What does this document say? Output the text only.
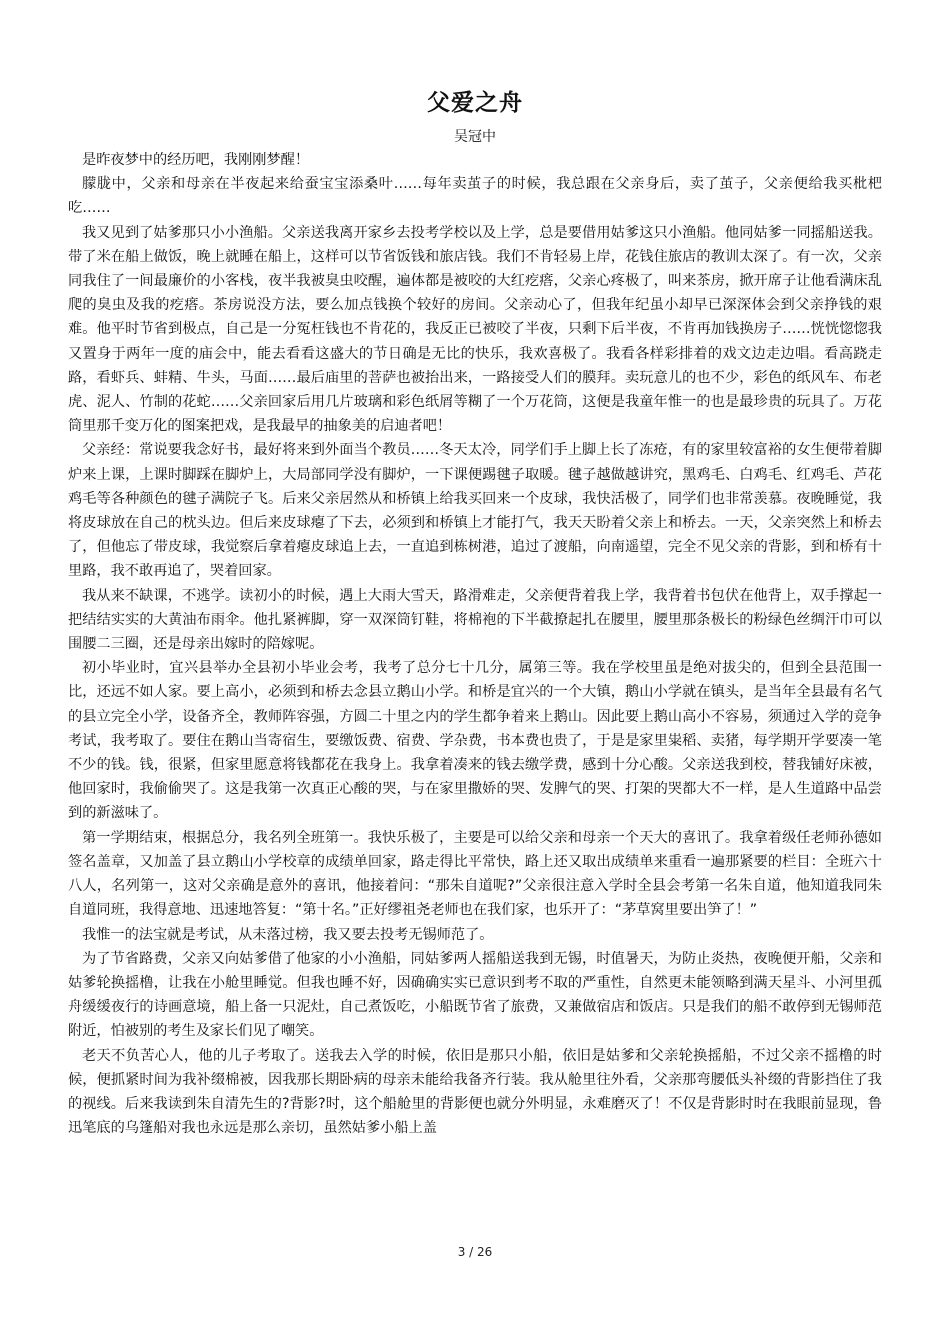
父爱之舟
吴冠中

是昨夜梦中的经历吧，我刚刚梦醒！

朦胧中，父亲和母亲在半夜起来给蚕宝宝添桑叶……每年卖茧子的时候，我总跟在父亲身后，卖了茧子，父亲便给我买枇杷吃……

我又见到了姑爹那只小小渔船。父亲送我离开家乡去投考学校以及上学，总是要借用姑爹这只小渔船。他同姑爹一同摇船送我。带了米在船上做饭，晚上就睡在船上，这样可以节省饭钱和旅店钱。我们不肯轻易上岸，花钱住旅店的教训太深了。有一次，父亲同我住了一间最廉价的小客栈，夜半我被臭虫咬醒，遍体都是被咬的大红疙瘩，父亲心疼极了，叫来茶房，掀开席子让他看满床乱爬的臭虫及我的疙瘩。茶房说没方法，要么加点钱换个较好的房间。父亲动心了，但我年纪虽小却早已深深体会到父亲挣钱的艰难。他平时节省到极点，自己是一分冤枉钱也不肯花的，我反正已被咬了半夜，只剩下后半夜，不肯再加钱换房子……恍恍惚惚我又置身于两年一度的庙会中，能去看看这盛大的节日确是无比的快乐，我欢喜极了。我看各样彩排着的戏文边走边唱。看高跷走路，看虾兵、蚌精、牛头，马面……最后庙里的菩萨也被抬出来，一路接受人们的膜拜。卖玩意儿的也不少，彩色的纸风车、布老虎、泥人、竹制的花蛇……父亲回家后用几片玻璃和彩色纸屑等糊了一个万花筒，这便是我童年惟一的也是最珍贵的玩具了。万花筒里那千变万化的图案把戏，是我最早的抽象美的启迪者吧！

父亲经：常说要我念好书，最好将来到外面当个教员……冬天太冷，同学们手上脚上长了冻疮，有的家里较富裕的女生便带着脚炉来上课，上课时脚踩在脚炉上，大局部同学没有脚炉，一下课便踢毽子取暖。毽子越做越讲究，黑鸡毛、白鸡毛、红鸡毛、芦花鸡毛等各种颜色的毽子满院子飞。后来父亲居然从和桥镇上给我买回来一个皮球，我快活极了，同学们也非常羡慕。夜晚睡觉，我将皮球放在自己的枕头边。但后来皮球瘪了下去，必须到和桥镇上才能打气，我天天盼着父亲上和桥去。一天，父亲突然上和桥去了，但他忘了带皮球，我觉察后拿着瘪皮球追上去，一直追到栋树港，追过了渡船，向南遥望，完全不见父亲的背影，到和桥有十里路，我不敢再追了，哭着回家。

我从来不缺课，不逃学。读初小的时候，遇上大雨大雪天，路滑难走，父亲便背着我上学，我背着书包伏在他背上，双手撑起一把结结实实的大黄油布雨伞。他扎紧裤脚，穿一双深筒钉鞋，将棉袍的下半截撩起扎在腰里，腰里那条极长的粉绿色丝绸汗巾可以围腰二三圈，还是母亲出嫁时的陪嫁呢。

初小毕业时，宜兴县举办全县初小毕业会考，我考了总分七十几分，属第三等。我在学校里虽是绝对拔尖的，但到全县范围一比，还远不如人家。要上高小，必须到和桥去念县立鹅山小学。和桥是宜兴的一个大镇，鹅山小学就在镇头，是当年全县最有名气的县立完全小学，设备齐全，教师阵容强，方圆二十里之内的学生都争着来上鹅山。因此要上鹅山高小不容易，须通过入学的竞争考试，我考取了。要住在鹅山当寄宿生，要缴饭费、宿费、学杂费，书本费也贵了，于是是家里粜稻、卖猪，每学期开学要凑一笔不少的钱。钱，很紧，但家里愿意将钱都花在我身上。我拿着凑来的钱去缴学费，感到十分心酸。父亲送我到校，替我铺好床被，他回家时，我偷偷哭了。这是我第一次真正心酸的哭，与在家里撒娇的哭、发脾气的哭、打架的哭都大不一样，是人生道路中品尝到的新滋味了。

第一学期结束，根据总分，我名列全班第一。我快乐极了，主要是可以给父亲和母亲一个天大的喜讯了。我拿着级任老师孙德如签名盖章，又加盖了县立鹅山小学校章的成绩单回家，路走得比平常快，路上还又取出成绩单来重看一遍那紧要的栏目：全班六十八人，名列第一，这对父亲确是意外的喜讯，他接着问：“那朱自道呢?”父亲很注意入学时全县会考第一名朱自道，他知道我同朱自道同班，我得意地、迅速地答复：“第十名。”正好缪祖尧老师也在我们家，也乐开了：“茅草窝里要出笋了！”

我惟一的法宝就是考试，从未落过榜，我又要去投考无锡师范了。

为了节省路费，父亲又向姑爹借了他家的小小渔船，同姑爹两人摇船送我到无锡，时值暑天，为防止炎热，夜晚便开船，父亲和姑爹轮换摇橹，让我在小舱里睡觉。但我也睡不好，因确确实实已意识到考不取的严重性，自然更未能领略到满天星斗、小河里孤舟缓缓夜行的诗画意境，船上备一只泥灶，自己煮饭吃，小船既节省了旅费，又兼做宿店和饭店。只是我们的船不敢停到无锡师范附近，怕被别的考生及家长们见了嘲笑。

老天不负苦心人，他的儿子考取了。送我去入学的时候，依旧是那只小船，依旧是姑爹和父亲轮换摇船，不过父亲不摇橹的时候，便抓紧时间为我补缀棉被，因我那长期卧病的母亲未能给我备齐行装。我从舱里往外看，父亲那弯腰低头补缀的背影挡住了我的视线。后来我读到朱自清先生的?背影?时，这个船舱里的背影便也就分外明显，永难磨灭了！不仅是背影时时在我眼前显现，鲁迅笔底的乌篷船对我也永远是那么亲切，虽然姑爹小船上盖

3 / 26
